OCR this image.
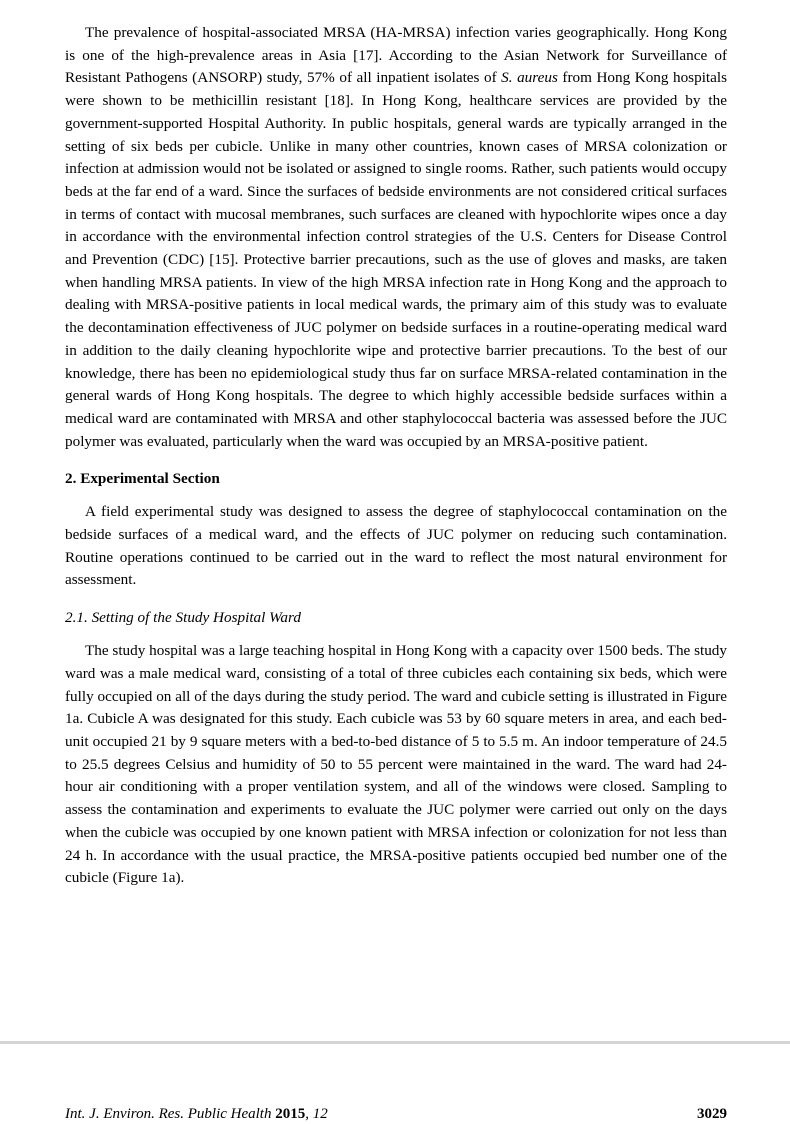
The prevalence of hospital-associated MRSA (HA-MRSA) infection varies geographically. Hong Kong is one of the high-prevalence areas in Asia [17]. According to the Asian Network for Surveillance of Resistant Pathogens (ANSORP) study, 57% of all inpatient isolates of S. aureus from Hong Kong hospitals were shown to be methicillin resistant [18]. In Hong Kong, healthcare services are provided by the government-supported Hospital Authority. In public hospitals, general wards are typically arranged in the setting of six beds per cubicle. Unlike in many other countries, known cases of MRSA colonization or infection at admission would not be isolated or assigned to single rooms. Rather, such patients would occupy beds at the far end of a ward. Since the surfaces of bedside environments are not considered critical surfaces in terms of contact with mucosal membranes, such surfaces are cleaned with hypochlorite wipes once a day in accordance with the environmental infection control strategies of the U.S. Centers for Disease Control and Prevention (CDC) [15]. Protective barrier precautions, such as the use of gloves and masks, are taken when handling MRSA patients. In view of the high MRSA infection rate in Hong Kong and the approach to dealing with MRSA-positive patients in local medical wards, the primary aim of this study was to evaluate the decontamination effectiveness of JUC polymer on bedside surfaces in a routine-operating medical ward in addition to the daily cleaning hypochlorite wipe and protective barrier precautions. To the best of our knowledge, there has been no epidemiological study thus far on surface MRSA-related contamination in the general wards of Hong Kong hospitals. The degree to which highly accessible bedside surfaces within a medical ward are contaminated with MRSA and other staphylococcal bacteria was assessed before the JUC polymer was evaluated, particularly when the ward was occupied by an MRSA-positive patient.

2. Experimental Section

A field experimental study was designed to assess the degree of staphylococcal contamination on the bedside surfaces of a medical ward, and the effects of JUC polymer on reducing such contamination. Routine operations continued to be carried out in the ward to reflect the most natural environment for assessment.

2.1. Setting of the Study Hospital Ward

The study hospital was a large teaching hospital in Hong Kong with a capacity over 1500 beds. The study ward was a male medical ward, consisting of a total of three cubicles each containing six beds, which were fully occupied on all of the days during the study period. The ward and cubicle setting is illustrated in Figure 1a. Cubicle A was designated for this study. Each cubicle was 53 by 60 square meters in area, and each bed-unit occupied 21 by 9 square meters with a bed-to-bed distance of 5 to 5.5 m. An indoor temperature of 24.5 to 25.5 degrees Celsius and humidity of 50 to 55 percent were maintained in the ward. The ward had 24-hour air conditioning with a proper ventilation system, and all of the windows were closed. Sampling to assess the contamination and experiments to evaluate the JUC polymer were carried out only on the days when the cubicle was occupied by one known patient with MRSA infection or colonization for not less than 24 h. In accordance with the usual practice, the MRSA-positive patients occupied bed number one of the cubicle (Figure 1a).

Int. J. Environ. Res. Public Health 2015, 12	3029
